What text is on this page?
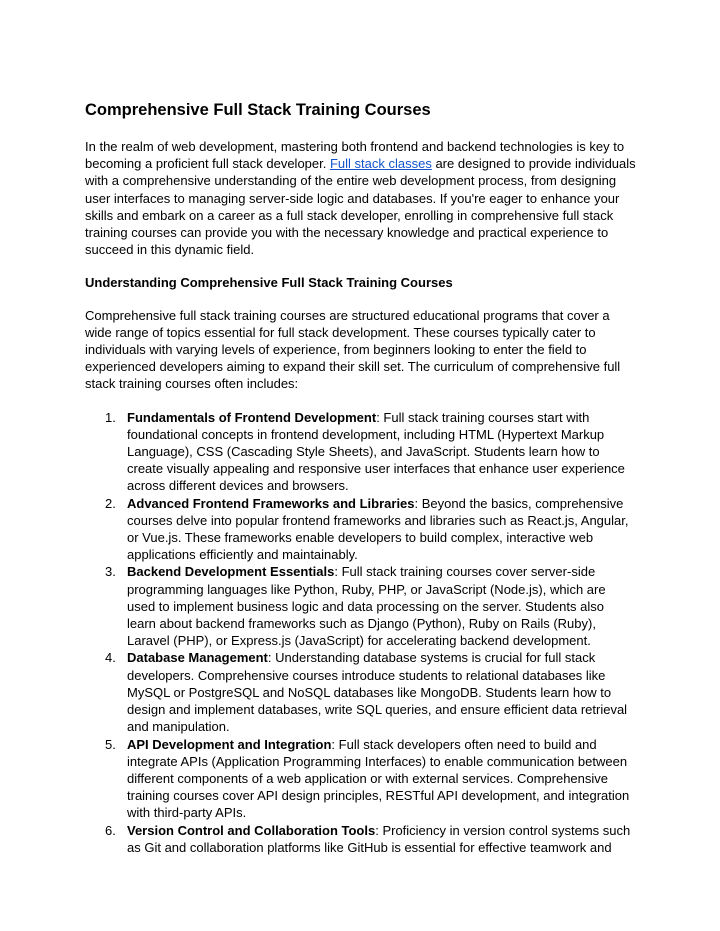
Comprehensive Full Stack Training Courses

In the realm of web development, mastering both frontend and backend technologies is key to becoming a proficient full stack developer. Full stack classes are designed to provide individuals with a comprehensive understanding of the entire web development process, from designing user interfaces to managing server-side logic and databases. If you're eager to enhance your skills and embark on a career as a full stack developer, enrolling in comprehensive full stack training courses can provide you with the necessary knowledge and practical experience to succeed in this dynamic field.

Understanding Comprehensive Full Stack Training Courses

Comprehensive full stack training courses are structured educational programs that cover a wide range of topics essential for full stack development. These courses typically cater to individuals with varying levels of experience, from beginners looking to enter the field to experienced developers aiming to expand their skill set. The curriculum of comprehensive full stack training courses often includes:

1. Fundamentals of Frontend Development: Full stack training courses start with foundational concepts in frontend development, including HTML (Hypertext Markup Language), CSS (Cascading Style Sheets), and JavaScript. Students learn how to create visually appealing and responsive user interfaces that enhance user experience across different devices and browsers.
2. Advanced Frontend Frameworks and Libraries: Beyond the basics, comprehensive courses delve into popular frontend frameworks and libraries such as React.js, Angular, or Vue.js. These frameworks enable developers to build complex, interactive web applications efficiently and maintainably.
3. Backend Development Essentials: Full stack training courses cover server-side programming languages like Python, Ruby, PHP, or JavaScript (Node.js), which are used to implement business logic and data processing on the server. Students also learn about backend frameworks such as Django (Python), Ruby on Rails (Ruby), Laravel (PHP), or Express.js (JavaScript) for accelerating backend development.
4. Database Management: Understanding database systems is crucial for full stack developers. Comprehensive courses introduce students to relational databases like MySQL or PostgreSQL and NoSQL databases like MongoDB. Students learn how to design and implement databases, write SQL queries, and ensure efficient data retrieval and manipulation.
5. API Development and Integration: Full stack developers often need to build and integrate APIs (Application Programming Interfaces) to enable communication between different components of a web application or with external services. Comprehensive training courses cover API design principles, RESTful API development, and integration with third-party APIs.
6. Version Control and Collaboration Tools: Proficiency in version control systems such as Git and collaboration platforms like GitHub is essential for effective teamwork and
